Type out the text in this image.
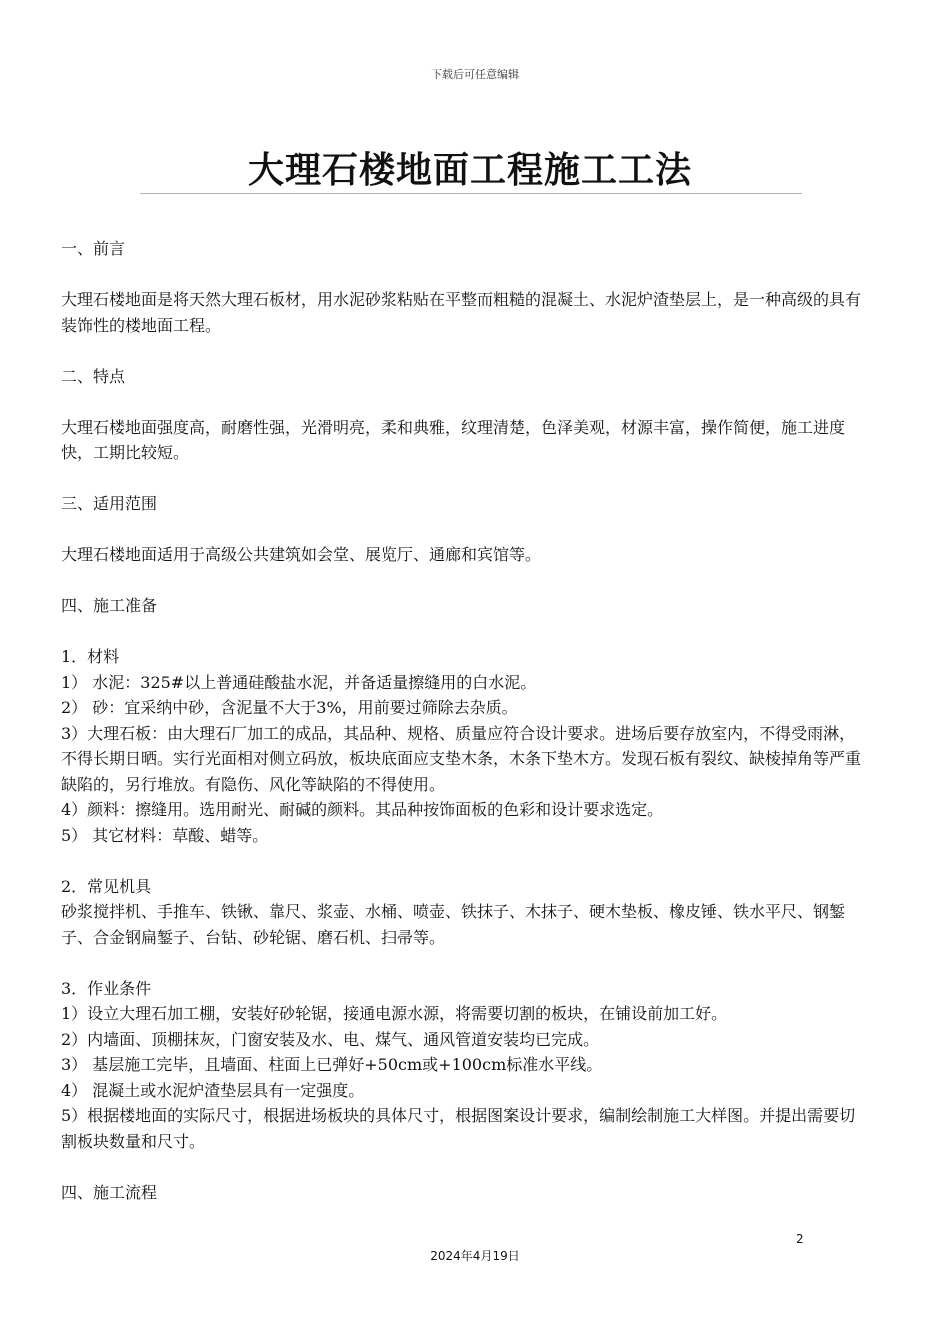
下载后可任意编辑
大理石楼地面工程施工工法

一、前言

大理石楼地面是将天然大理石板材，用水泥砂浆粘贴在平整而粗糙的混凝土、水泥炉渣垫层上，是一种高级的具有装饰性的楼地面工程。

二、特点

大理石楼地面强度高，耐磨性强，光滑明亮，柔和典雅，纹理清楚，色泽美观，材源丰富，操作简便，施工进度快，工期比较短。

三、适用范围

大理石楼地面适用于高级公共建筑如会堂、展览厅、通廊和宾馆等。

四、施工准备

1．材料

1） 水泥：325#以上普通硅酸盐水泥，并备适量擦缝用的白水泥。

2） 砂：宜采纳中砂，含泥量不大于3%，用前要过筛除去杂质。

3）大理石板：由大理石厂加工的成品，其品种、规格、质量应符合设计要求。进场后要存放室内，不得受雨淋，不得长期日晒。实行光面相对侧立码放，板块底面应支垫木条，木条下垫木方。发现石板有裂纹、缺棱掉角等严重缺陷的，另行堆放。有隐伤、风化等缺陷的不得使用。

4）颜料：擦缝用。选用耐光、耐碱的颜料。其品种按饰面板的色彩和设计要求选定。

5） 其它材料：草酸、蜡等。

2．常见机具

砂浆搅拌机、手推车、铁锹、靠尺、浆壶、水桶、喷壶、铁抹子、木抹子、硬木垫板、橡皮锤、铁水平尺、钢錾子、合金钢扁錾子、台钻、砂轮锯、磨石机、扫帚等。

3．作业条件

1）设立大理石加工棚，安装好砂轮锯，接通电源水源，将需要切割的板块，在铺设前加工好。

2）内墙面、顶棚抹灰，门窗安装及水、电、煤气、通风管道安装均已完成。

3） 基层施工完毕，且墙面、柱面上已弹好+50cm或+100cm标准水平线。

4） 混凝土或水泥炉渣垫层具有一定强度。

5）根据楼地面的实际尺寸，根据进场板块的具体尺寸，根据图案设计要求，编制绘制施工大样图。并提出需要切割板块数量和尺寸。

四、施工流程

2
2024年4月19日
